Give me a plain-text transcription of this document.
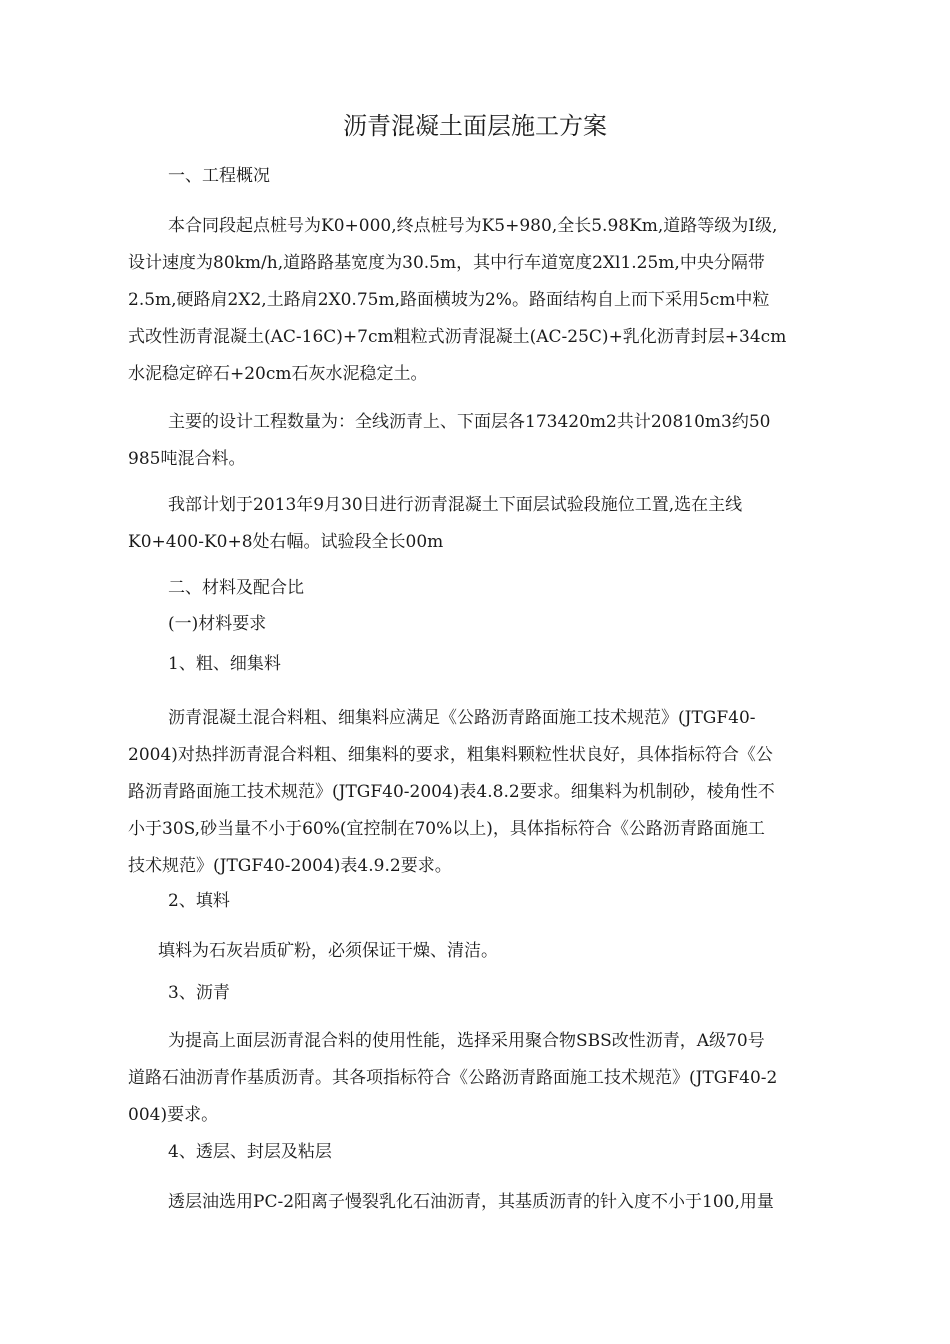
沥青混凝土面层施工方案
一、工程概况
本合同段起点桩号为K0+000,终点桩号为K5+980,全长5.98Km,道路等级为I级,
设计速度为80km/h,道路路基宽度为30.5m，其中行车道宽度2Xl1.25m,中央分隔带
2.5m,硬路肩2X2,土路肩2X0.75m,路面横坡为2%。路面结构自上而下采用5cm中粒
式改性沥青混凝土(AC-16C)+7cm粗粒式沥青混凝土(AC-25C)+乳化沥青封层+34cm
水泥稳定碎石+20cm石灰水泥稳定土。
主要的设计工程数量为：全线沥青上、下面层各173420m2共计20810m3约50
985吨混合料。
我部计划于2013年9月30日进行沥青混凝土下面层试验段施位工置,选在主线
K0+400-K0+8处右幅。试验段全长00m
二、材料及配合比
(一)材料要求
1、粗、细集料
沥青混凝土混合料粗、细集料应满足《公路沥青路面施工技术规范》(JTGF40-
2004)对热拌沥青混合料粗、细集料的要求，粗集料颗粒性状良好，具体指标符合《公
路沥青路面施工技术规范》(JTGF40-2004)表4.8.2要求。细集料为机制砂，棱角性不
小于30S,砂当量不小于60%(宜控制在70%以上)，具体指标符合《公路沥青路面施工
技术规范》(JTGF40-2004)表4.9.2要求。
2、填料
填料为石灰岩质矿粉，必须保证干燥、清洁。
3、沥青
为提高上面层沥青混合料的使用性能，选择采用聚合物SBS改性沥青，A级70号
道路石油沥青作基质沥青。其各项指标符合《公路沥青路面施工技术规范》(JTGF40-2
004)要求。
4、透层、封层及粘层
透层油选用PC-2阳离子慢裂乳化石油沥青，其基质沥青的针入度不小于100,用量
